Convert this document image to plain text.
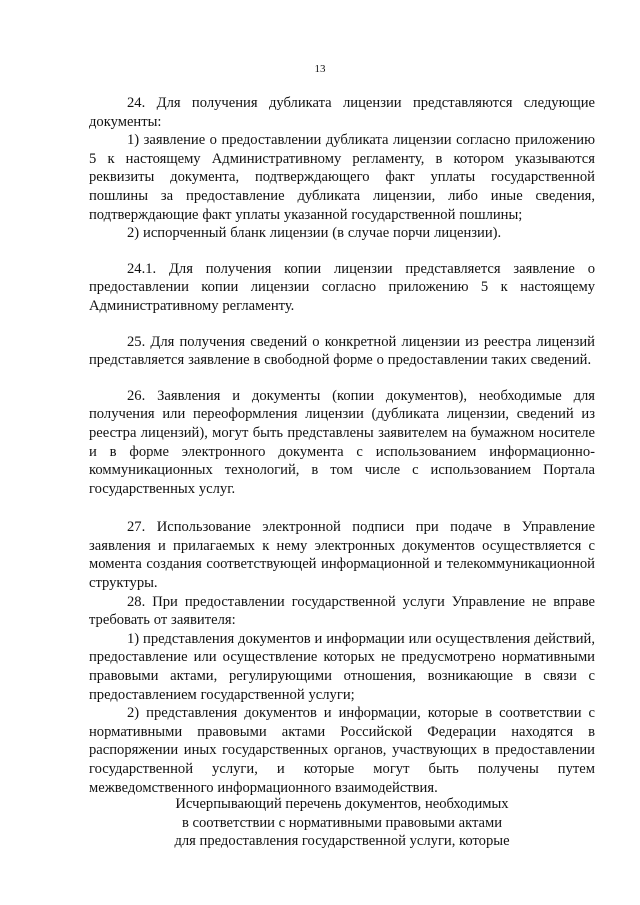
13

24. Для получения дубликата лицензии представляются следующие документы:

1) заявление о предоставлении дубликата лицензии согласно приложению 5 к настоящему Административному регламенту, в котором указываются реквизиты документа, подтверждающего факт уплаты государственной пошлины за предоставление дубликата лицензии, либо иные сведения, подтверждающие факт уплаты указанной государственной пошлины;

2) испорченный бланк лицензии (в случае порчи лицензии).

24.1. Для получения копии лицензии представляется заявление о предоставлении копии лицензии согласно приложению 5 к настоящему Административному регламенту.

25. Для получения сведений о конкретной лицензии из реестра лицензий представляется заявление в свободной форме о предоставлении таких сведений.

26. Заявления и документы (копии документов), необходимые для получения или переоформления лицензии (дубликата лицензии, сведений из реестра лицензий), могут быть представлены заявителем на бумажном носителе и в форме электронного документа с использованием информационно-коммуникационных технологий, в том числе с использованием Портала государственных услуг.

27. Использование электронной подписи при подаче в Управление заявления и прилагаемых к нему электронных документов осуществляется с момента создания соответствующей информационной и телекоммуникационной структуры.

28. При предоставлении государственной услуги Управление не вправе требовать от заявителя:

1) представления документов и информации или осуществления действий, предоставление или осуществление которых не предусмотрено нормативными правовыми актами, регулирующими отношения, возникающие в связи с предоставлением государственной услуги;

2) представления документов и информации, которые в соответствии с нормативными правовыми актами Российской Федерации находятся в распоряжении иных государственных органов, участвующих в предоставлении государственной услуги, и которые могут быть получены путем межведомственного информационного взаимодействия.

Исчерпывающий перечень документов, необходимых
в соответствии с нормативными правовыми актами
для предоставления государственной услуги, которые
